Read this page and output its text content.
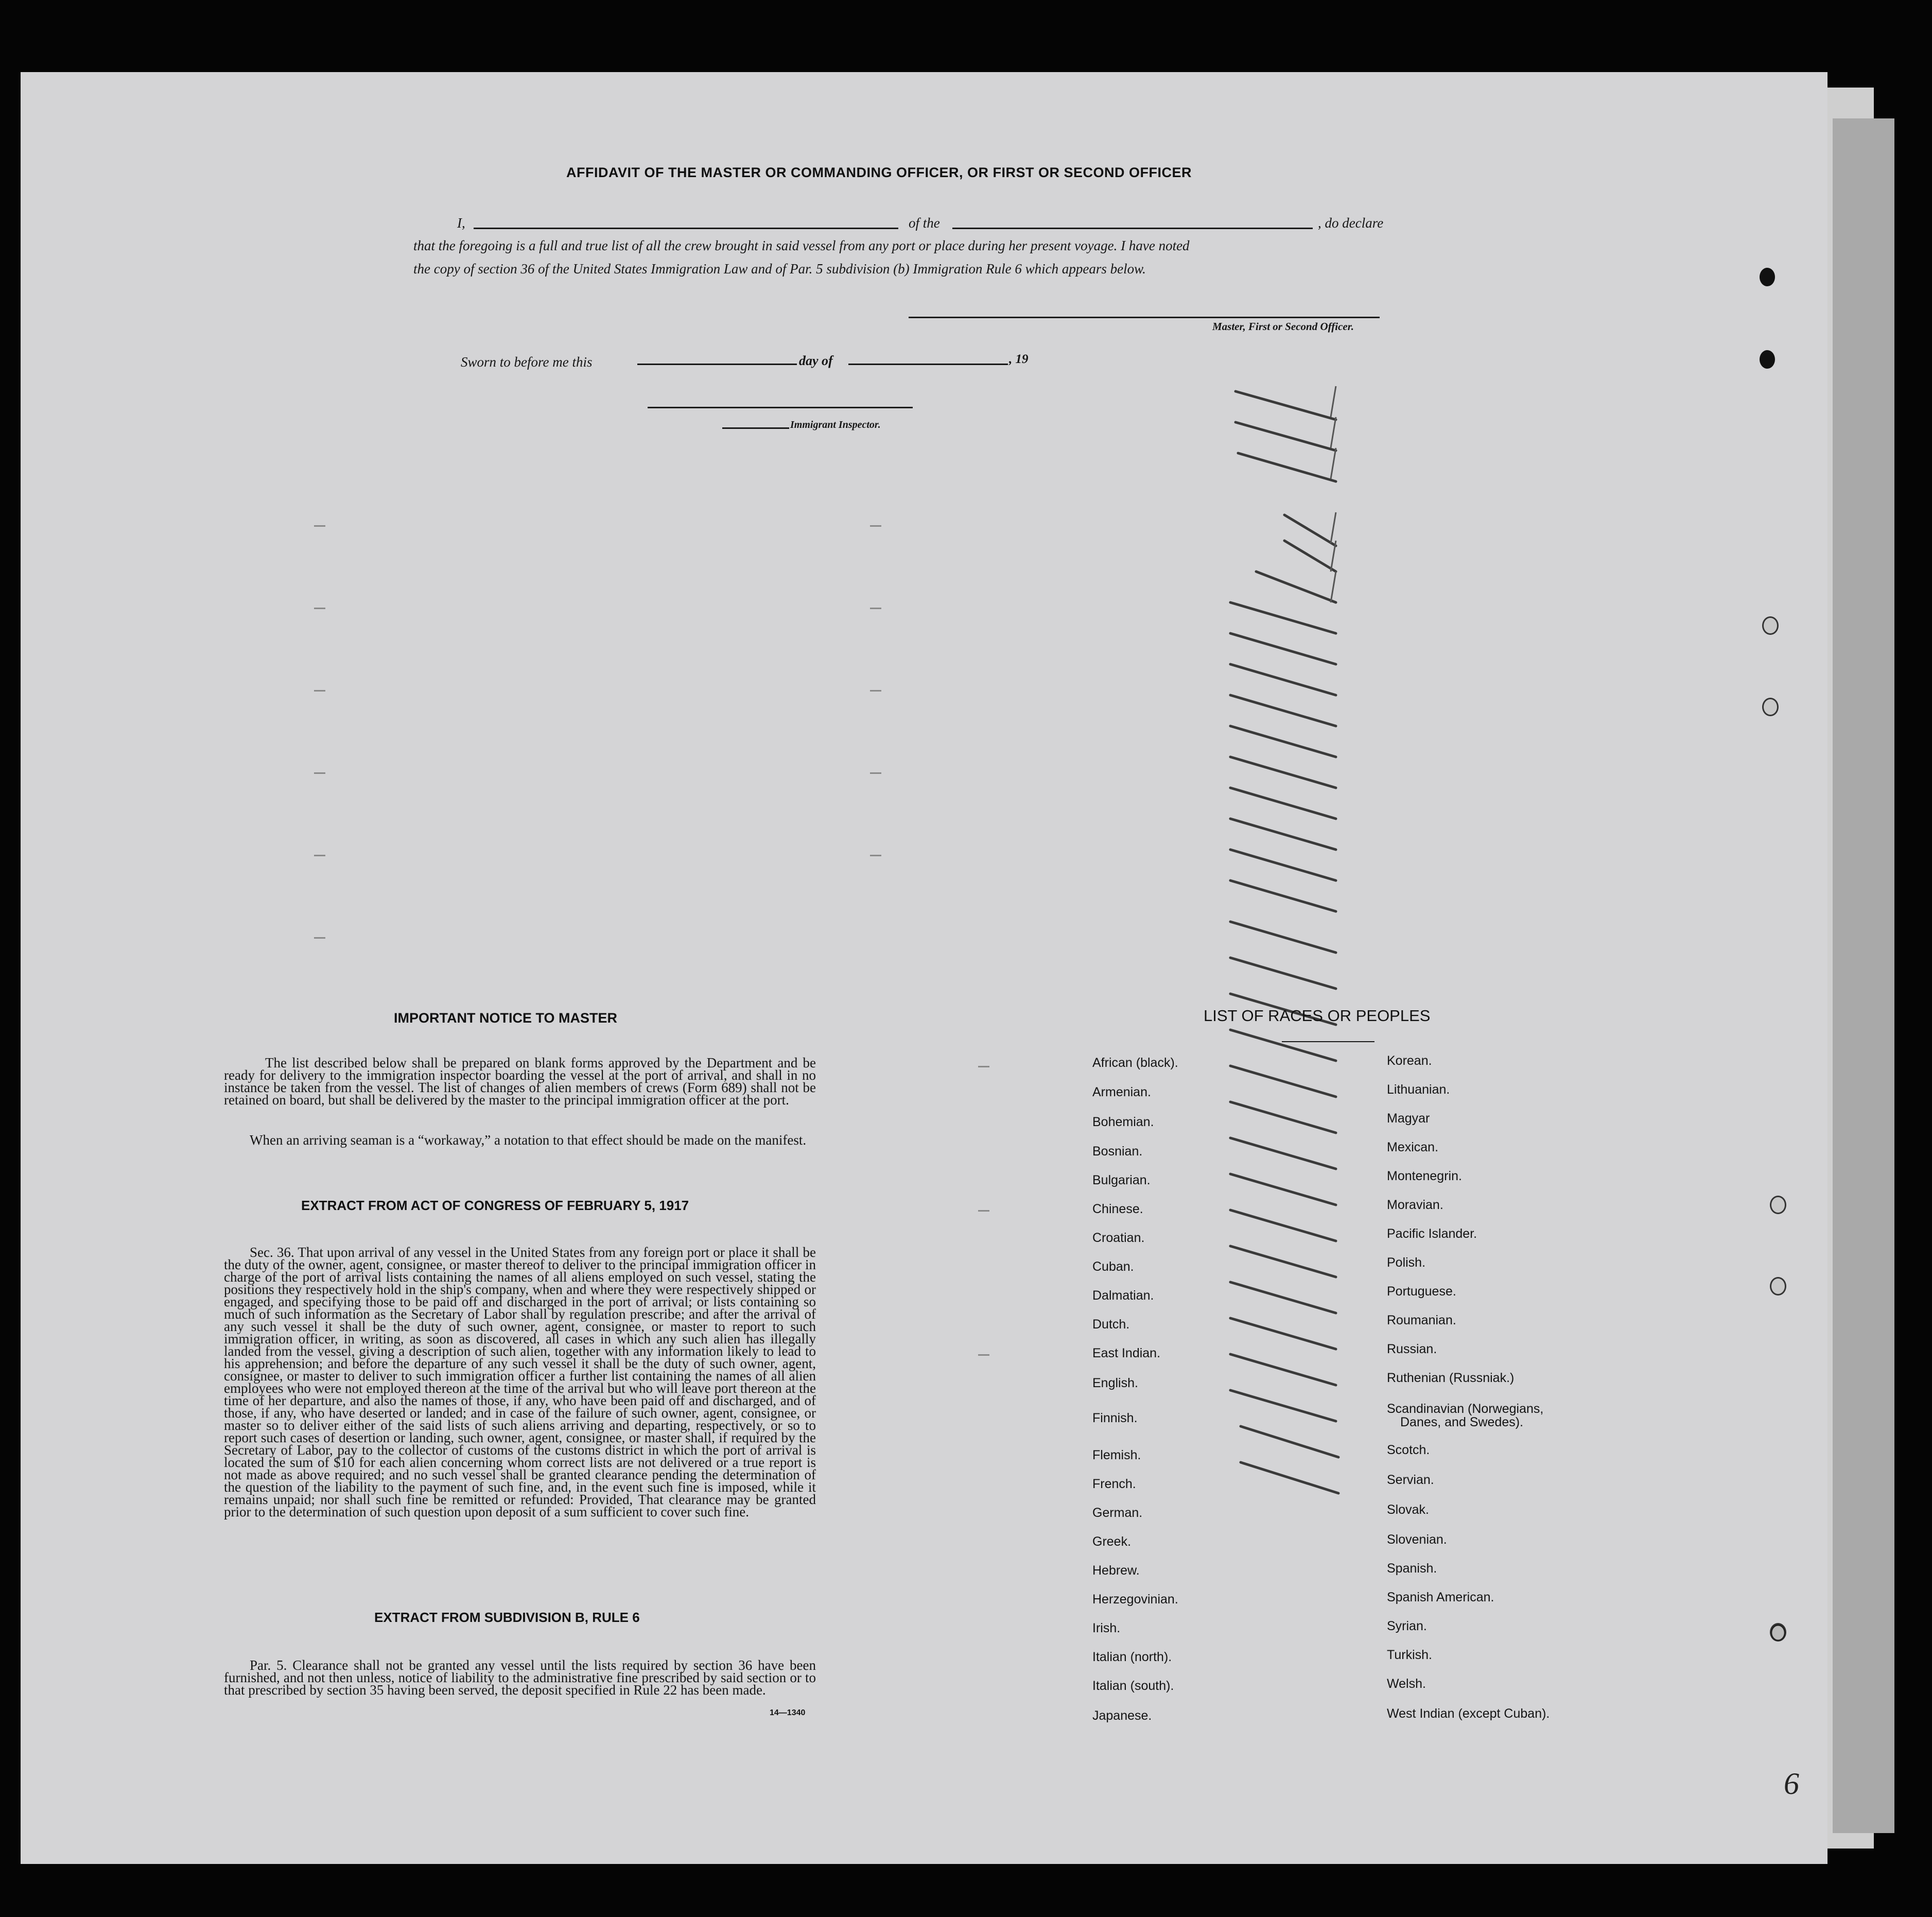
AFFIDAVIT OF THE MASTER OR COMMANDING OFFICER, OR FIRST OR SECOND OFFICER
I,	of the	, do declare
that the foregoing is a full and true list of all the crew brought in said vessel from any port or place during her present voyage. I have noted
the copy of section 36 of the United States Immigration Law and of Par. 5 subdivision (b) Immigration Rule 6 which appears below.
Master, First or Second Officer.
Sworn to before me this	day of	, 19
Immigrant Inspector.
IMPORTANT NOTICE TO MASTER
The list described below shall be prepared on blank forms approved by the Department and be ready for delivery to the immigration inspector boarding the vessel at the port of arrival, and shall in no instance be taken from the vessel. The list of changes of alien members of crews (Form 689) shall not be retained on board, but shall be delivered by the master to the principal immigration officer at the port.
When an arriving seaman is a “workaway,” a notation to that effect should be made on the manifest.
EXTRACT FROM ACT OF CONGRESS OF FEBRUARY 5, 1917
Sec. 36. That upon arrival of any vessel in the United States from any foreign port or place it shall be the duty of the owner, agent, consignee, or master thereof to deliver to the principal immigration officer in charge of the port of arrival lists containing the names of all aliens employed on such vessel, stating the positions they respectively hold in the ship's company, when and where they were respectively shipped or engaged, and specifying those to be paid off and discharged in the port of arrival; or lists containing so much of such information as the Secretary of Labor shall by regulation prescribe; and after the arrival of any such vessel it shall be the duty of such owner, agent, consignee, or master to report to such immigration officer, in writing, as soon as discovered, all cases in which any such alien has illegally landed from the vessel, giving a description of such alien, together with any information likely to lead to his apprehension; and before the departure of any such vessel it shall be the duty of such owner, agent, consignee, or master to deliver to such immigration officer a further list containing the names of all alien employees who were not employed thereon at the time of the arrival but who will leave port thereon at the time of her departure, and also the names of those, if any, who have been paid off and discharged, and of those, if any, who have deserted or landed; and in case of the failure of such owner, agent, consignee, or master so to deliver either of the said lists of such aliens arriving and departing, respectively, or so to report such cases of desertion or landing, such owner, agent, consignee, or master shall, if required by the Secretary of Labor, pay to the collector of customs of the customs district in which the port of arrival is located the sum of $10 for each alien concerning whom correct lists are not delivered or a true report is not made as above required; and no such vessel shall be granted clearance pending the determination of the question of the liability to the payment of such fine, and, in the event such fine is imposed, while it remains unpaid; nor shall such fine be remitted or refunded: Provided, That clearance may be granted prior to the determination of such question upon deposit of a sum sufficient to cover such fine.
EXTRACT FROM SUBDIVISION B, RULE 6
Par. 5. Clearance shall not be granted any vessel until the lists required by section 36 have been furnished, and not then unless, notice of liability to the administrative fine prescribed by said section or to that prescribed by section 35 having been served, the deposit specified in Rule 22 has been made.
14—1340
LIST OF RACES OR PEOPLES
African (black).
Armenian.
Bohemian.
Bosnian.
Bulgarian.
Chinese.
Croatian.
Cuban.
Dalmatian.
Dutch.
East Indian.
English.
Finnish.
Flemish.
French.
German.
Greek.
Hebrew.
Herzegovinian.
Irish.
Italian (north).
Italian (south).
Japanese.
Korean.
Lithuanian.
Magyar
Mexican.
Montenegrin.
Moravian.
Pacific Islander.
Polish.
Portuguese.
Roumanian.
Russian.
Ruthenian (Russniak.)
Scandinavian (Norwegians,
Danes, and Swedes).
Scotch.
Servian.
Slovak.
Slovenian.
Spanish.
Spanish American.
Syrian.
Turkish.
Welsh.
West Indian (except Cuban).
6
